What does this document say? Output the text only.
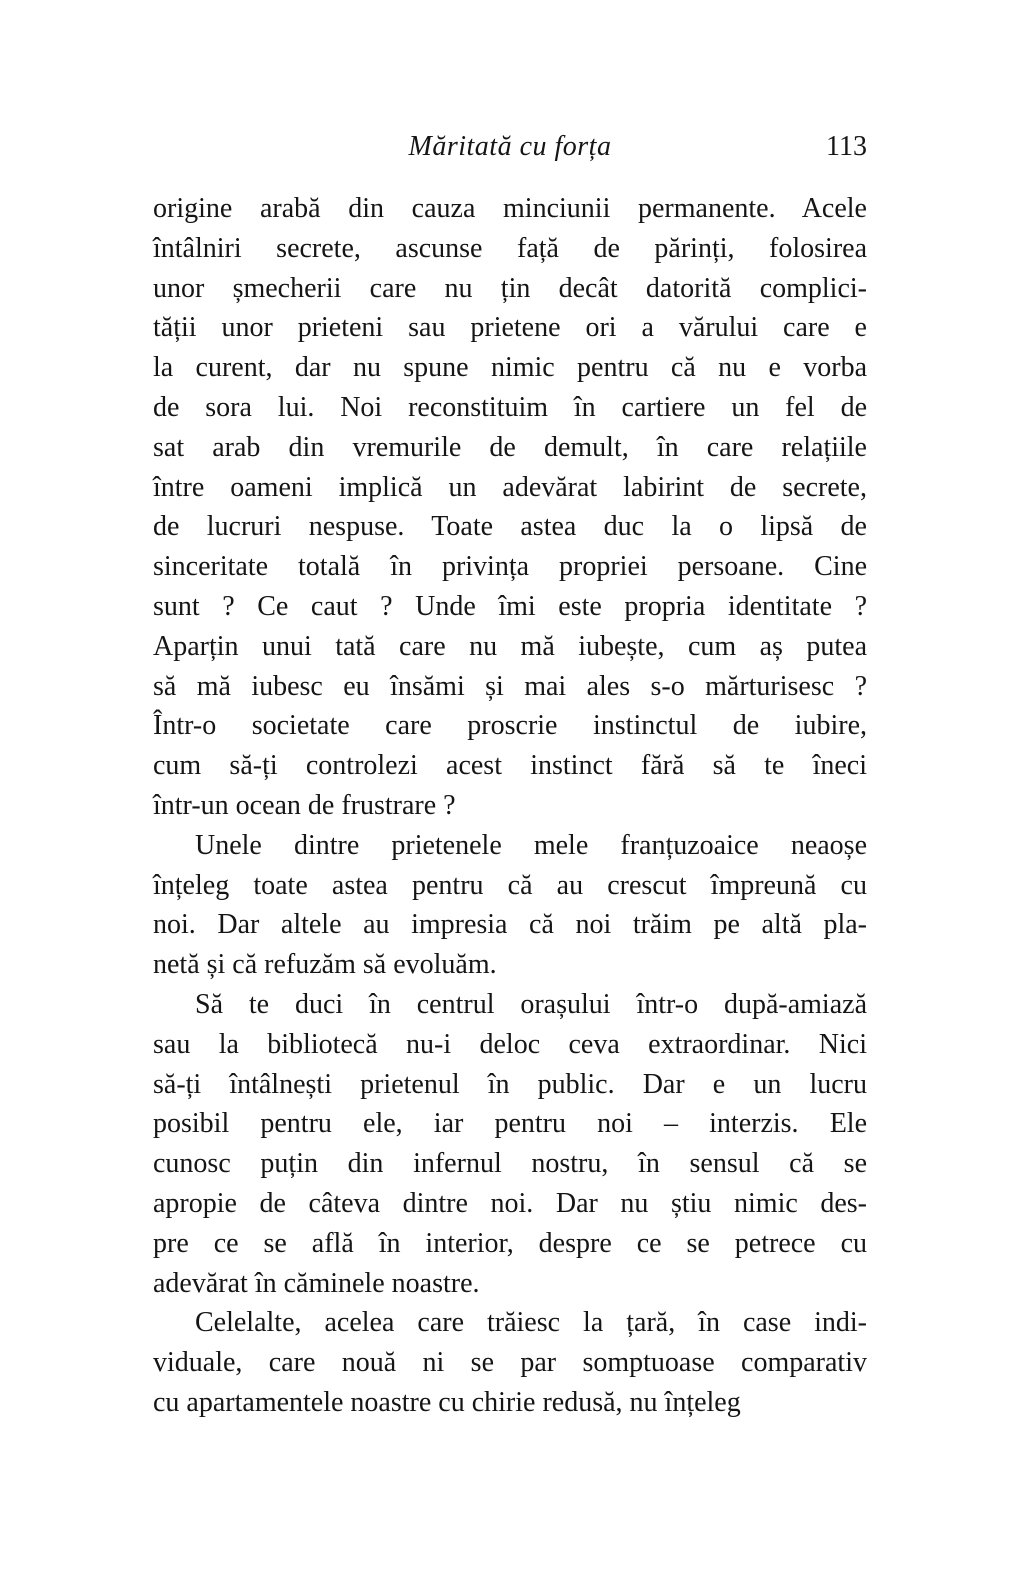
Măritată cu forța	113
origine arabă din cauza minciunii permanente. Acele
întâlniri secrete, ascunse față de părinți, folosirea
unor șmecherii care nu țin decât datorită complici-
tății unor prieteni sau prietene ori a vărului care e
la curent, dar nu spune nimic pentru că nu e vorba
de sora lui. Noi reconstituim în cartiere un fel de
sat arab din vremurile de demult, în care relațiile
între oameni implică un adevărat labirint de secrete,
de lucruri nespuse. Toate astea duc la o lipsă de
sinceritate totală în privința propriei persoane. Cine
sunt ? Ce caut ? Unde îmi este propria identitate ?
Aparțin unui tată care nu mă iubește, cum aș putea
să mă iubesc eu însămi și mai ales s-o mărturisesc ?
Într-o societate care proscrie instinctul de iubire,
cum să-ți controlezi acest instinct fără să te îneci
într-un ocean de frustrare ?
Unele dintre prietenele mele franțuzoaice neaoșe
înțeleg toate astea pentru că au crescut împreună cu
noi. Dar altele au impresia că noi trăim pe altă pla-
netă și că refuzăm să evoluăm.
Să te duci în centrul orașului într-o după-amiază
sau la bibliotecă nu-i deloc ceva extraordinar. Nici
să-ți întâlnești prietenul în public. Dar e un lucru
posibil pentru ele, iar pentru noi – interzis. Ele
cunosc puțin din infernul nostru, în sensul că se
apropie de câteva dintre noi. Dar nu știu nimic des-
pre ce se află în interior, despre ce se petrece cu
adevărat în căminele noastre.
Celelalte, acelea care trăiesc la țară, în case indi-
viduale, care nouă ni se par somptuoase comparativ
cu apartamentele noastre cu chirie redusă, nu înțeleg
